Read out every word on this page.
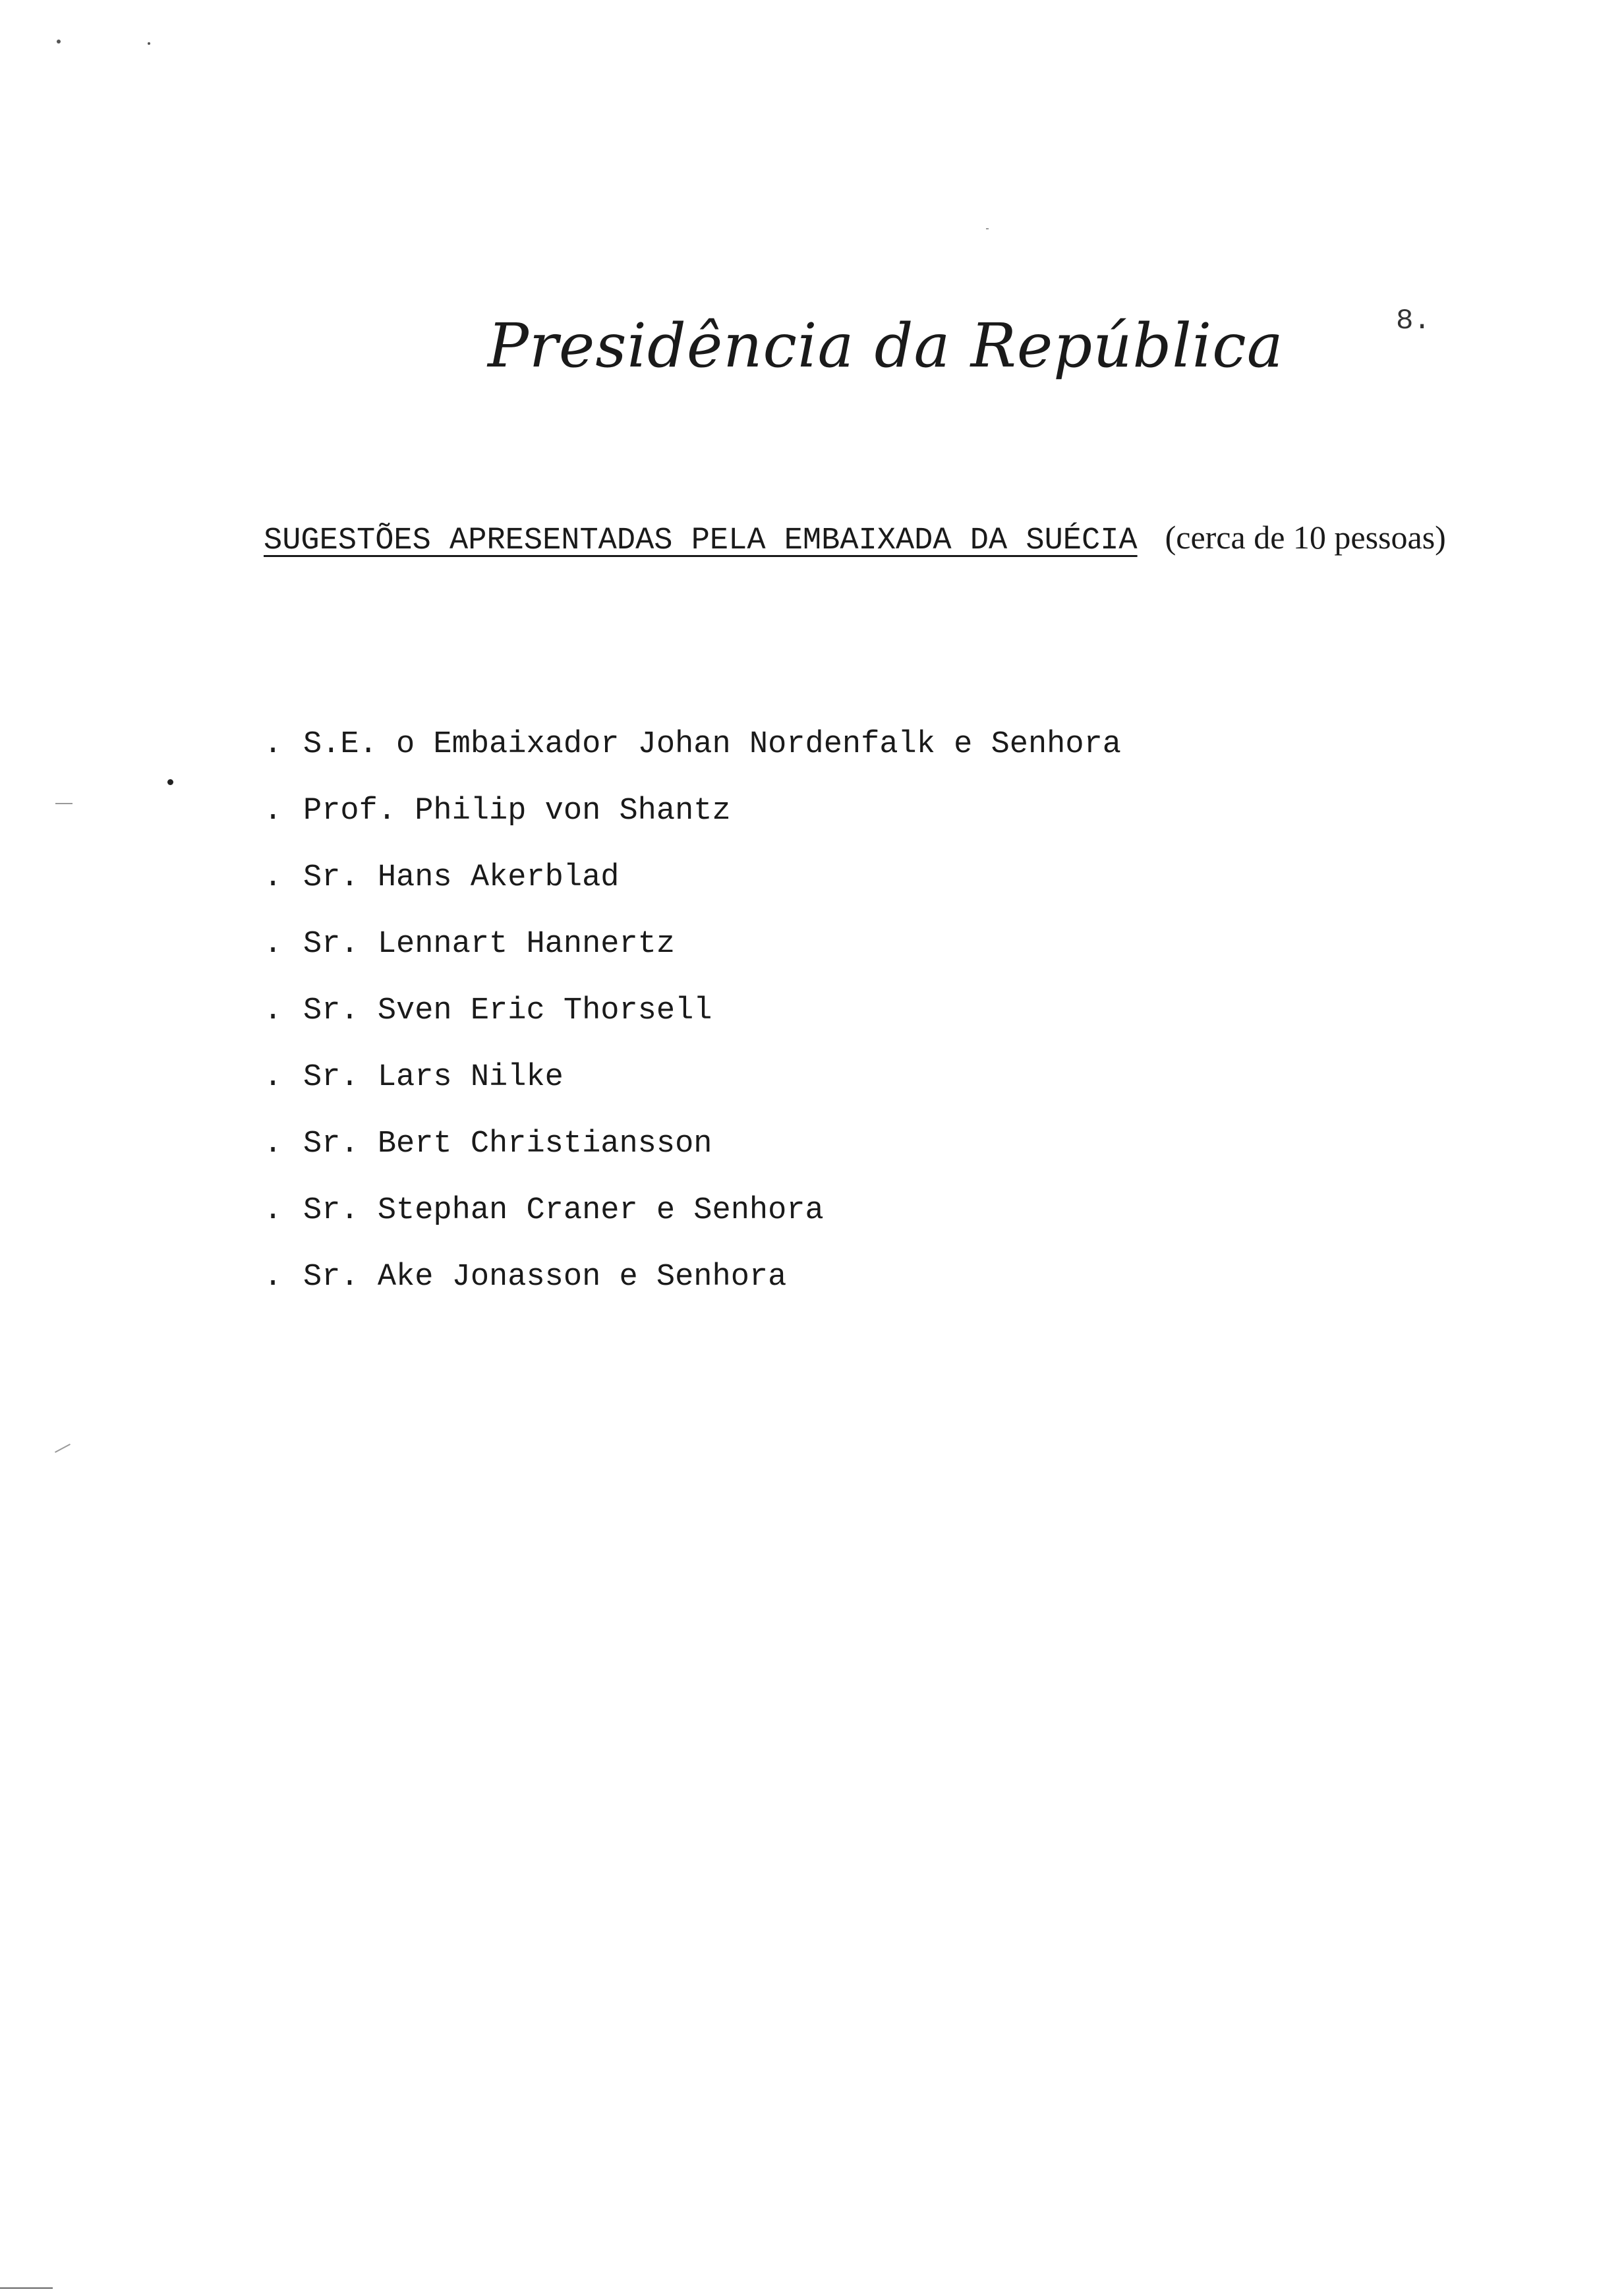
Presidência da República	8.
SUGESTÕES APRESENTADAS PELA EMBAIXADA DA SUÉCIA (cerca de 10 pessoas)
. S.E. o Embaixador Johan Nordenfalk e Senhora
. Prof. Philip von Shantz
. Sr. Hans Akerblad
. Sr. Lennart Hannertz
. Sr. Sven Eric Thorsell
. Sr. Lars Nilke
. Sr. Bert Christiansson
. Sr. Stephan Craner e Senhora
. Sr. Ake Jonasson e Senhora
